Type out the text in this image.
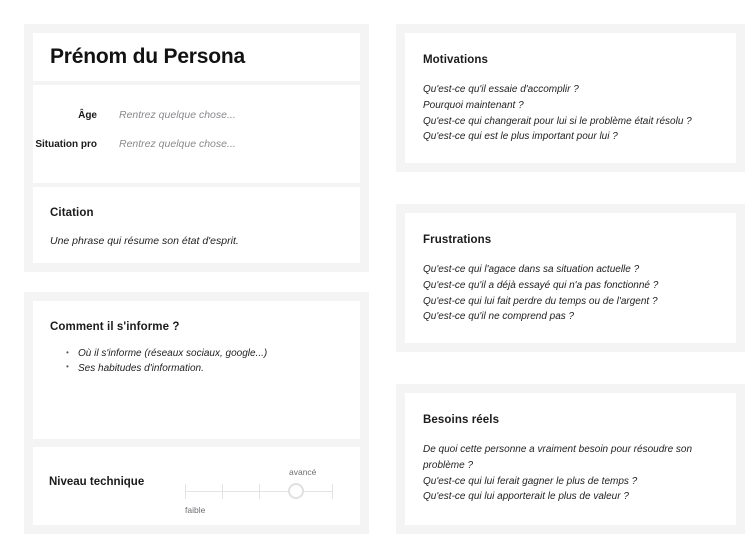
Prénom du Persona
Âge	Rentrez quelque chose...
Situation pro	Rentrez quelque chose...
Citation
Une phrase qui résume son état d'esprit.
Comment il s'informe ?
• Où il s'informe (réseaux sociaux, google...)
• Ses habitudes d'information.
Niveau technique
faible
avancé
Motivations

Qu'est-ce qu'il essaie d'accomplir ?

Pourquoi maintenant ?

Qu'est-ce qui changerait pour lui si le problème était résolu ?

Qu'est-ce qui est le plus important pour lui ?

Frustrations

Qu'est-ce qui l'agace dans sa situation actuelle ?

Qu'est-ce qu'il a déjà essayé qui n'a pas fonctionné ?

Qu'est-ce qui lui fait perdre du temps ou de l'argent ?

Qu'est-ce qu'il ne comprend pas ?

Besoins réels

De quoi cette personne a vraiment besoin pour résoudre son problème ?

Qu'est-ce qui lui ferait gagner le plus de temps ?

Qu'est-ce qui lui apporterait le plus de valeur ?
